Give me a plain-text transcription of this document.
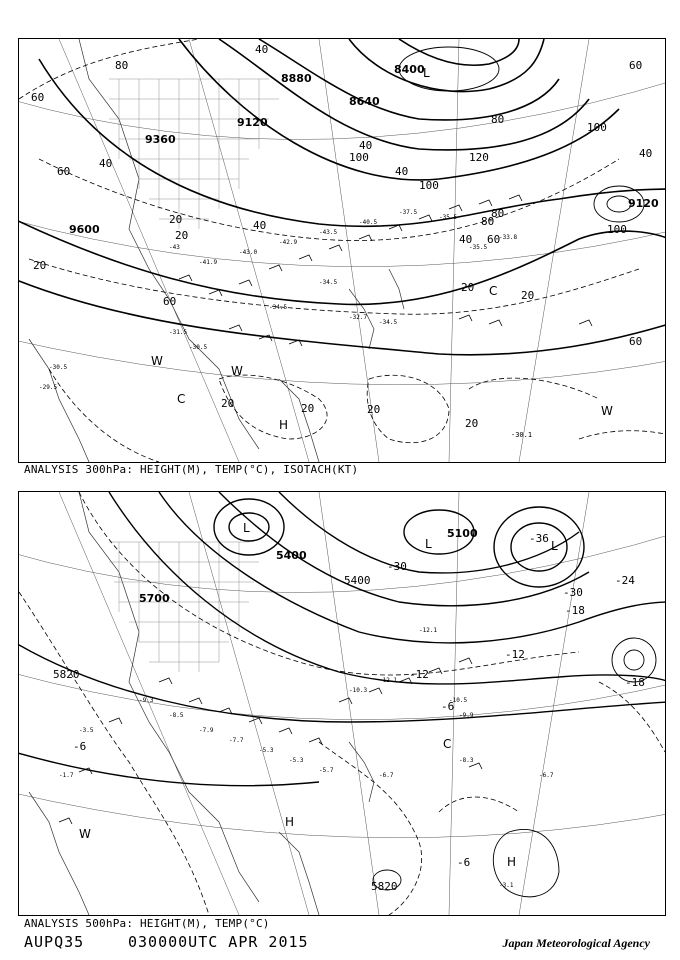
-43
-41.9
-43.0
-42.9
-43.5
-40.5
-37.5
-35.5
-34.5
-34.5
-32.7
-34.5
-31.5
-30.5
-30.5
-29.5
-35.5
-33.8
8400
8640
8880
9120
9360
9600
9120
40
80
60
60
40
20
20
100
80
120
100
40
100
80
60
40
100
40
60
40
20
20
20
20
80
60
40
20	20
20
60
-30.1
L
C
C
W
W
H
W
ANALYSIS 300hPa: HEIGHT(M), TEMP(°C), ISOTACH(KT)
-9.3
-8.5
-7.9
-7.7
-5.3
-5.3
-5.7
-10.3
-12.1
-12.1
-10.5
-9.9
-3.5
-1.7	-6.7
-8.3
-6.7
-3.1
5400
5100
5700
5820
5820
5400	-24
-30
-18
-12
-6
-6
-18
-30
-36
-6
-12
L
L	L
H
H
W
C
ANALYSIS 500hPa: HEIGHT(M), TEMP(°C)
AUPQ35	030000UTC APR 2015	Japan Meteorological Agency
